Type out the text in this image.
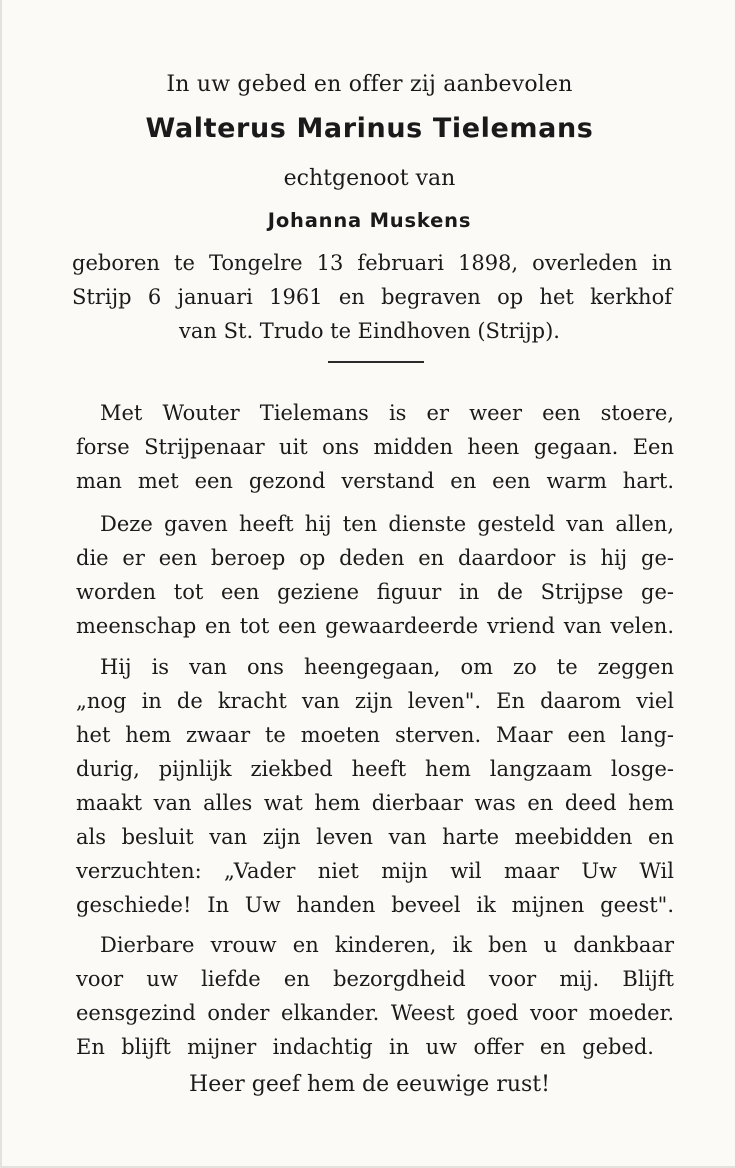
In uw gebed en offer zij aanbevolen

Walterus Marinus Tielemans

echtgenoot van

Johanna Muskens

geboren te Tongelre 13 februari 1898, overleden in

Strijp 6 januari 1961 en begraven op het kerkhof

van St. Trudo te Eindhoven (Strijp).

Met Wouter Tielemans is er weer een stoere,

forse Strijpenaar uit ons midden heen gegaan. Een

man met een gezond verstand en een warm hart.

Deze gaven heeft hij ten dienste gesteld van allen,

die er een beroep op deden en daardoor is hij ge-

worden tot een geziene figuur in de Strijpse ge-

meenschap en tot een gewaardeerde vriend van velen.

Hij is van ons heengegaan, om zo te zeggen

„nog in de kracht van zijn leven". En daarom viel

het hem zwaar te moeten sterven. Maar een lang-

durig, pijnlijk ziekbed heeft hem langzaam losge-

maakt van alles wat hem dierbaar was en deed hem

als besluit van zijn leven van harte meebidden en

verzuchten: „Vader niet mijn wil maar Uw Wil

geschiede! In Uw handen beveel ik mijnen geest".

Dierbare vrouw en kinderen, ik ben u dankbaar

voor uw liefde en bezorgdheid voor mij. Blijft

eensgezind onder elkander. Weest goed voor moeder.

En blijft mijner indachtig in uw offer en gebed.

Heer geef hem de eeuwige rust!
